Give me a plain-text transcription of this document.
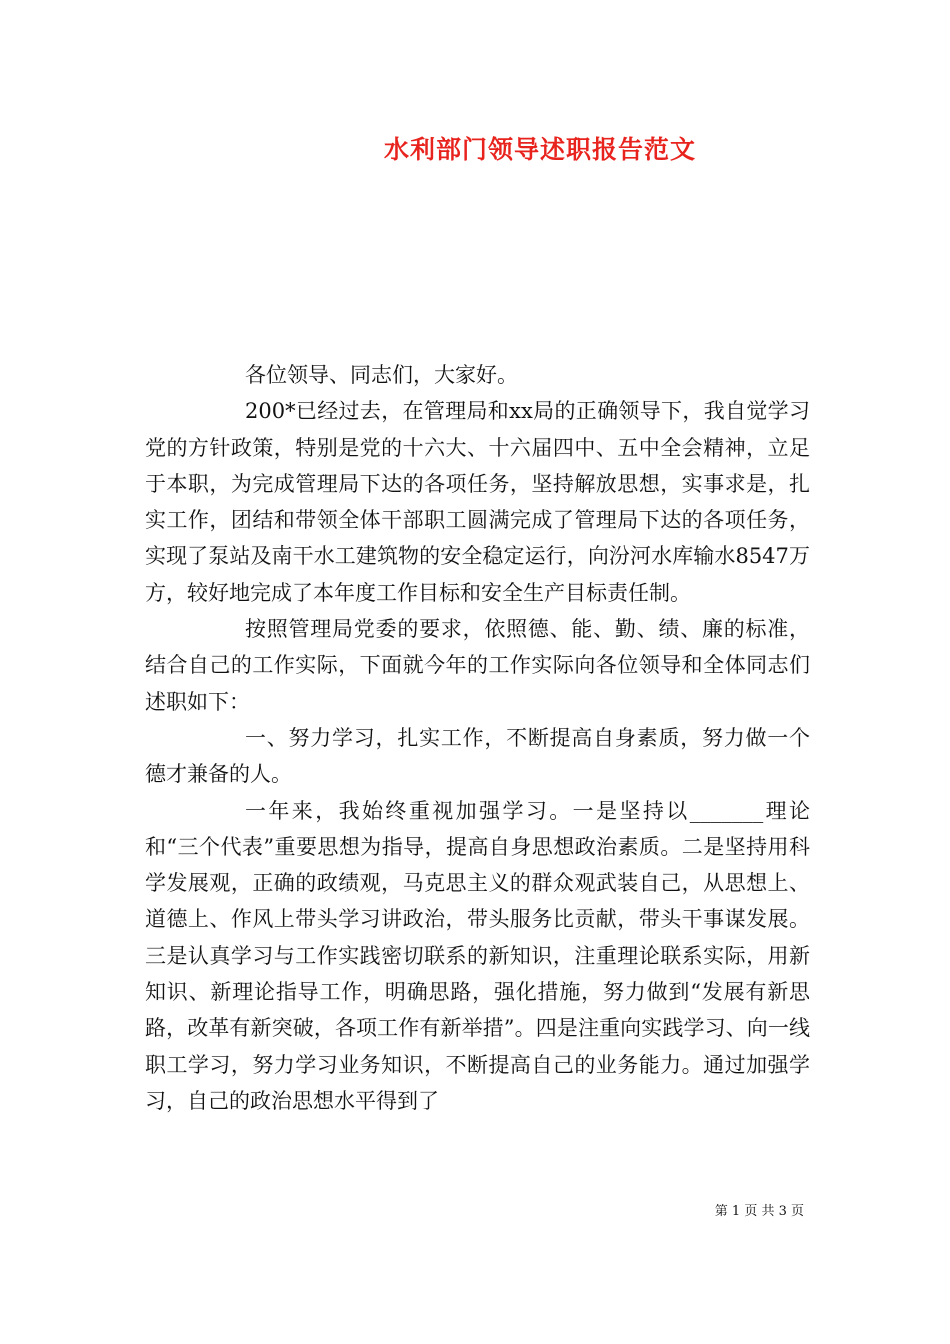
水利部门领导述职报告范文

各位领导、同志们，大家好。

200*已经过去，在管理局和xx局的正确领导下，我自觉学习党的方针政策，特别是党的十六大、十六届四中、五中全会精神，立足于本职，为完成管理局下达的各项任务，坚持解放思想，实事求是，扎实工作，团结和带领全体干部职工圆满完成了管理局下达的各项任务，实现了泵站及南干水工建筑物的安全稳定运行，向汾河水库输水8547万方，较好地完成了本年度工作目标和安全生产目标责任制。

按照管理局党委的要求，依照德、能、勤、绩、廉的标准，结合自己的工作实际，下面就今年的工作实际向各位领导和全体同志们述职如下：

一、努力学习，扎实工作，不断提高自身素质，努力做一个德才兼备的人。

一年来，我始终重视加强学习。一是坚持以_______理论和“三个代表”重要思想为指导，提高自身思想政治素质。二是坚持用科学发展观，正确的政绩观，马克思主义的群众观武装自己，从思想上、道德上、作风上带头学习讲政治，带头服务比贡献，带头干事谋发展。三是认真学习与工作实践密切联系的新知识，注重理论联系实际，用新知识、新理论指导工作，明确思路，强化措施，努力做到“发展有新思路，改革有新突破，各项工作有新举措”。四是注重向实践学习、向一线职工学习，努力学习业务知识，不断提高自己的业务能力。通过加强学习，自己的政治思想水平得到了

第 1 页 共 3 页
